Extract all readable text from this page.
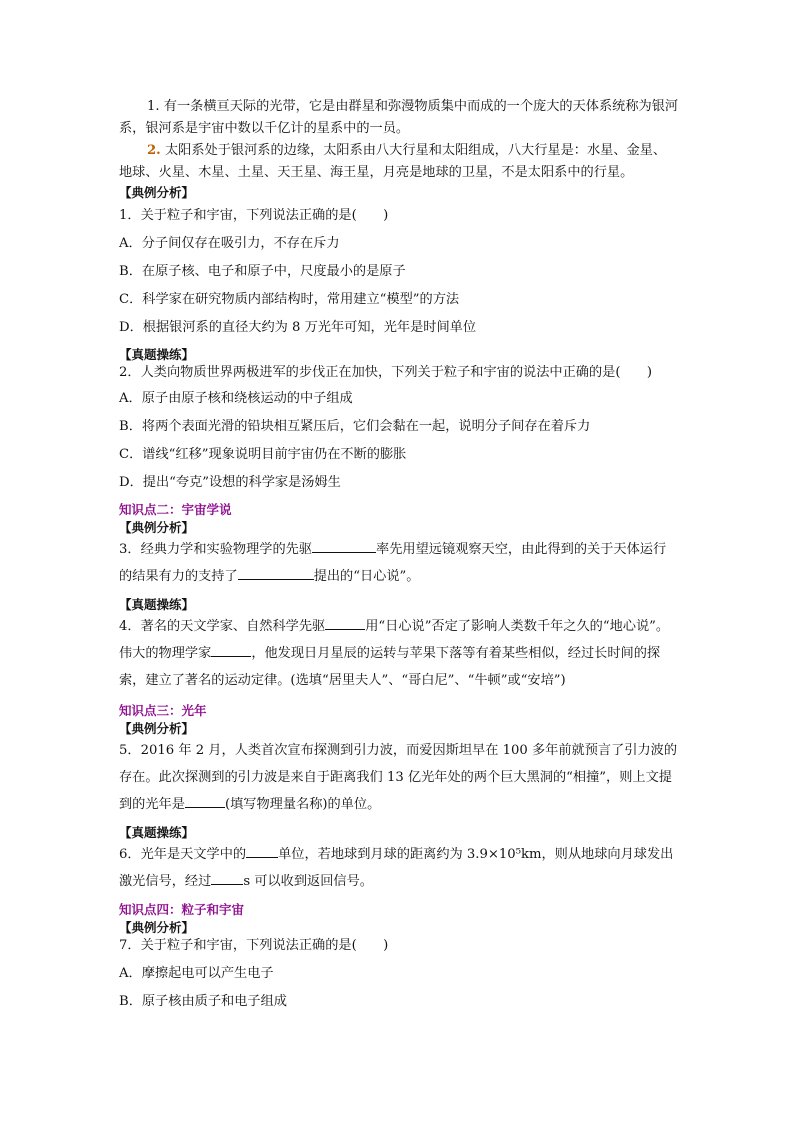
1. 有一条横亘天际的光带，它是由群星和弥漫物质集中而成的一个庞大的天体系统称为银河系，银河系是宇宙中数以千亿计的星系中的一员。

2. 太阳系处于银河系的边缘，太阳系由八大行星和太阳组成，八大行星是：水星、金星、地球、火星、木星、土星、天王星、海王星，月亮是地球的卫星，不是太阳系中的行星。

【典例分析】

1．关于粒子和宇宙，下列说法正确的是(　　)

A．分子间仅存在吸引力，不存在斥力

B．在原子核、电子和原子中，尺度最小的是原子

C．科学家在研究物质内部结构时，常用建立“模型”的方法

D．根据银河系的直径大约为 8 万光年可知，光年是时间单位

【真题操练】

2．人类向物质世界两极进军的步伐正在加快，下列关于粒子和宇宙的说法中正确的是(　　)

A．原子由原子核和绕核运动的中子组成

B．将两个表面光滑的铅块相互紧压后，它们会黏在一起，说明分子间存在着斥力

C．谱线“红移”现象说明目前宇宙仍在不断的膨胀

D．提出“夸克”设想的科学家是汤姆生

知识点二：宇宙学说

【典例分析】

3．经典力学和实验物理学的先驱	率先用望远镜观察天空，由此得到的关于天体运行的结果有力的支持了	提出的“日心说”。

【真题操练】

4．著名的天文学家、自然科学先驱	用“日心说”否定了影响人类数千年之久的“地心说”。伟大的物理学家	，他发现日月星辰的运转与苹果下落等有着某些相似，经过长时间的探索，建立了著名的运动定律。(选填“居里夫人”、“哥白尼”、“牛顿”或“安培”)

知识点三：光年

【典例分析】

5．2016 年 2 月，人类首次宣布探测到引力波，而爱因斯坦早在 100 多年前就预言了引力波的存在。此次探测到的引力波是来自于距离我们 13 亿光年处的两个巨大黑洞的“相撞”，则上文提到的光年是	(填写物理量名称)的单位。

【真题操练】

6．光年是天文学中的 单位，若地球到月球的距离约为 3.9×10⁵km，则从地球向月球发出激光信号，经过 s 可以收到返回信号。

知识点四：粒子和宇宙

【典例分析】

7．关于粒子和宇宙，下列说法正确的是(　　)

A．摩擦起电可以产生电子

B．原子核由质子和电子组成
